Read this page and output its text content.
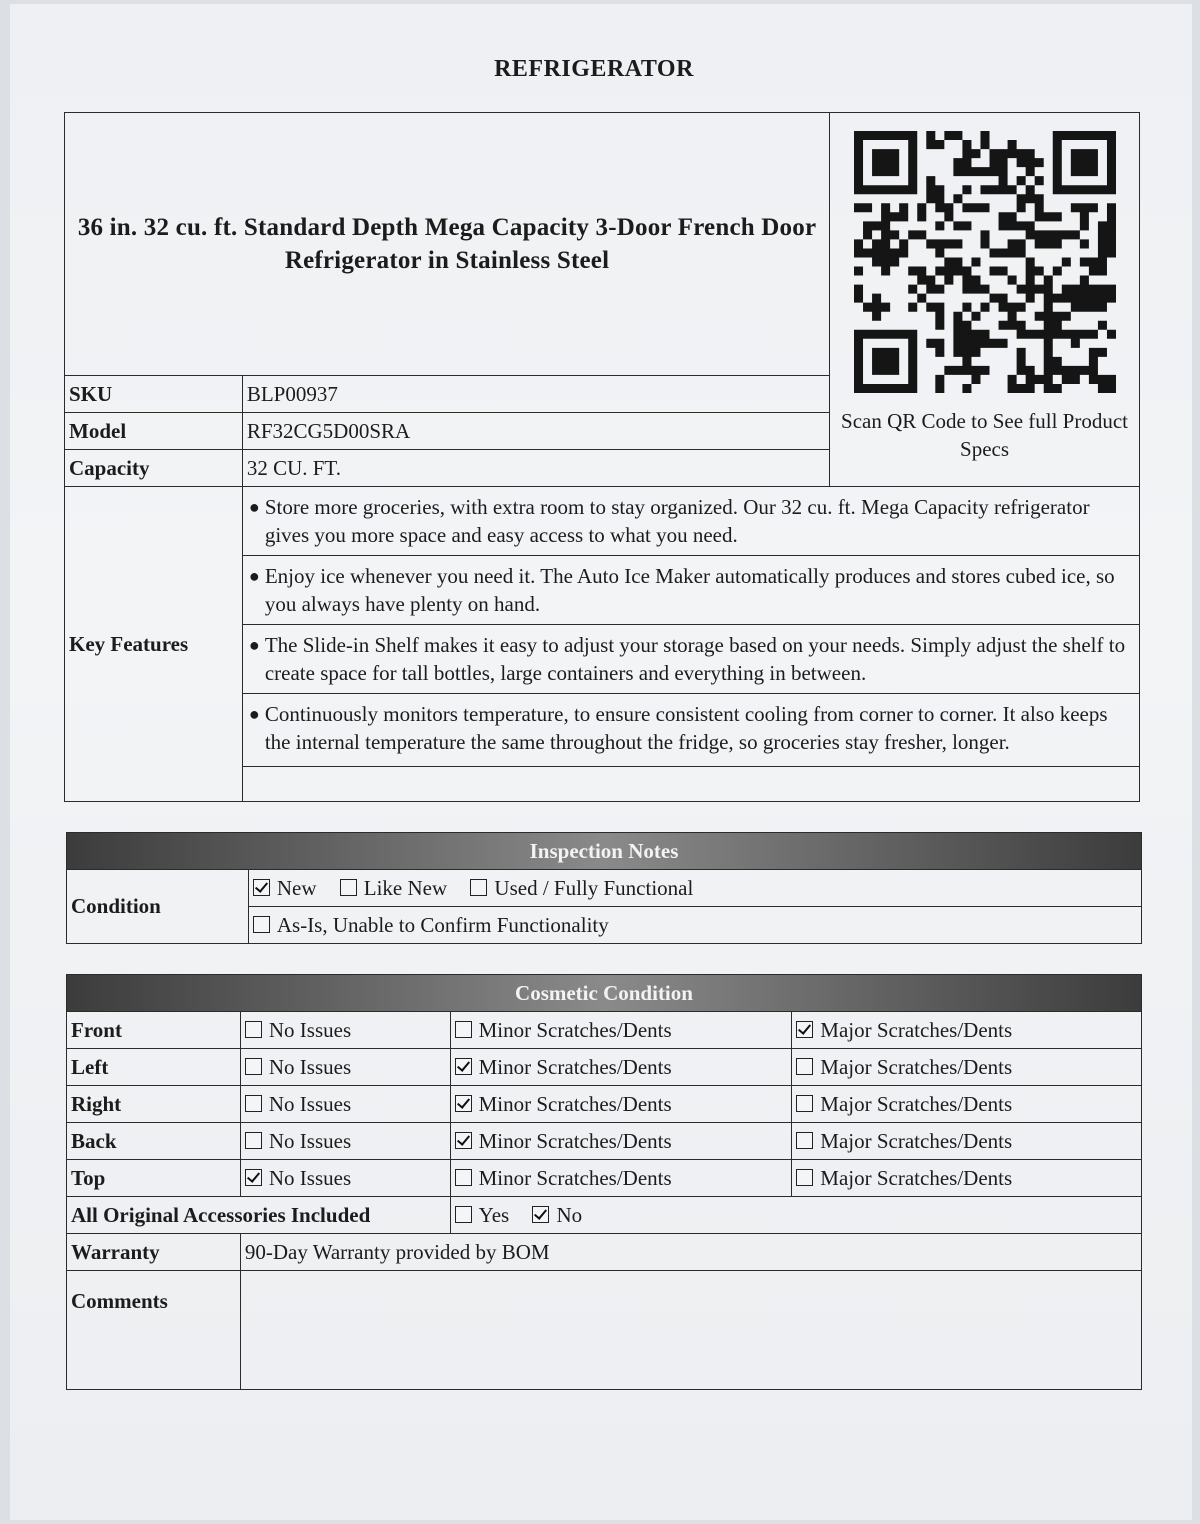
REFRIGERATOR
36 in. 32 cu. ft. Standard Depth Mega Capacity 3-Door French Door Refrigerator in Stainless Steel		Scan QR Code to See full Product Specs

SKU	BLP00937	
Model	RF32CG5D00SRA	
Capacity	32 CU. FT.	
Key Features	● Store more groceries, with extra room to stay organized. Our 32 cu. ft. Mega Capacity refrigerator gives you more space and easy access to what you need.	

	● Enjoy ice whenever you need it. The Auto Ice Maker automatically produces and stores cubed ice, so you always have plenty on hand.	

	● The Slide-in Shelf makes it easy to adjust your storage based on your needs. Simply adjust the shelf to create space for tall bottles, large containers and everything in between.	

	● Continuously monitors temperature, to ensure consistent cooling from corner to corner. It also keeps the internal temperature the same throughout the fridge, so groceries stay fresher, longer.	

Inspection Notes
Condition	New Like New Used / Fully Functional
As-Is, Unable to Confirm Functionality
Cosmetic Condition			
Front	No Issues	Minor Scratches/Dents	Major Scratches/Dents
Left	No Issues	Minor Scratches/Dents	Major Scratches/Dents
Right	No Issues	Minor Scratches/Dents	Major Scratches/Dents
Back	No Issues	Minor Scratches/Dents	Major Scratches/Dents
Top	No Issues	Minor Scratches/Dents	Major Scratches/Dents
All Original Accessories Included		Yes No	
Warranty	90-Day Warranty provided by BOM		
Comments			
